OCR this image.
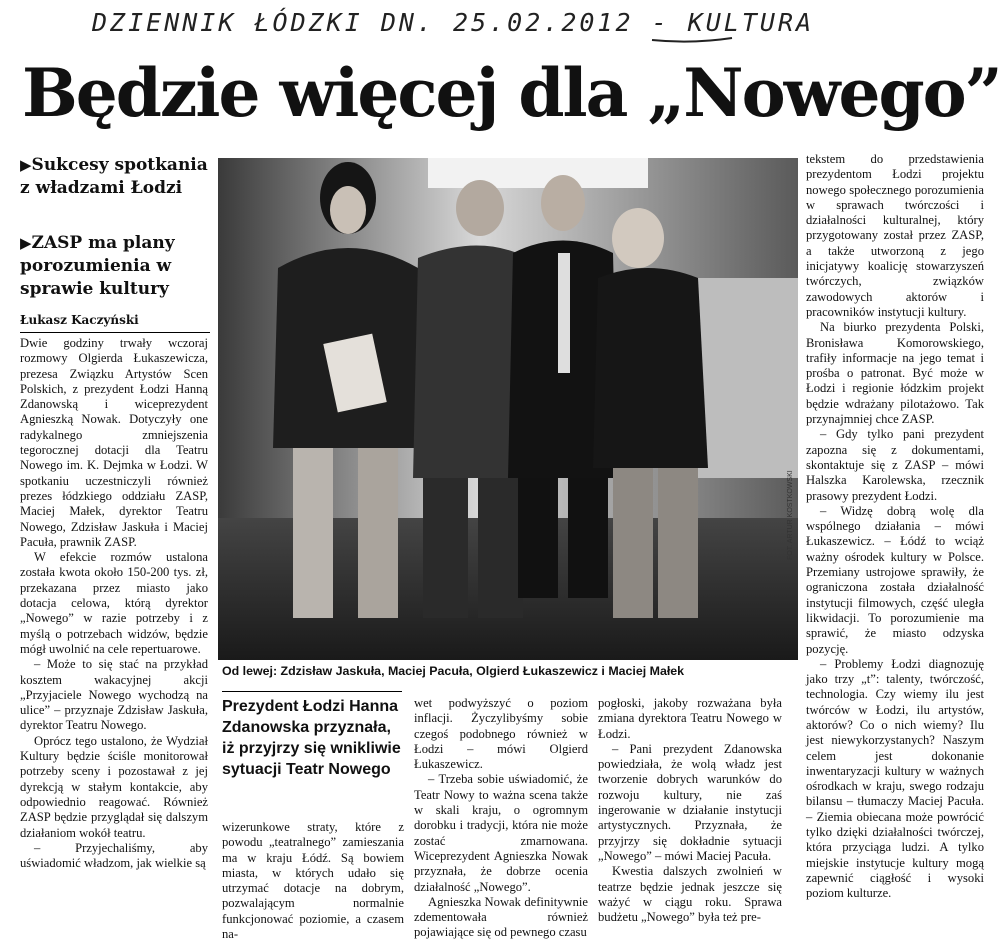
DZIENNIK ŁÓDZKI DN. 25.02.2012 - KULTURA
Będzie więcej dla „Nowego”
▶Sukcesy spotkania z władzami Łodzi
▶ZASP ma plany porozumienia w sprawie kultury
Łukasz Kaczyński

Dwie godziny trwały wczoraj rozmowy Olgierda Łukaszewicza, prezesa Związku Artystów Scen Polskich, z prezydent Łodzi Hanną Zdanowską i wiceprezydent Agnieszką Nowak. Dotyczyły one radykalnego zmniejszenia tegorocznej dotacji dla Teatru Nowego im. K. Dejmka w Łodzi. W spotkaniu uczestniczyli również prezes łódzkiego oddziału ZASP, Maciej Małek, dyrektor Teatru Nowego, Zdzisław Jaskuła i Maciej Pacuła, prawnik ZASP.

W efekcie rozmów ustalona została kwota około 150-200 tys. zł, przekazana przez miasto jako dotacja celowa, którą dyrektor „Nowego” w razie potrzeby i z myślą o potrzebach widzów, będzie mógł uwolnić na cele repertuarowe.

– Może to się stać na przykład kosztem wakacyjnej akcji „Przyjaciele Nowego wychodzą na ulice” – przyznaje Zdzisław Jaskuła, dyrektor Teatru Nowego.

Oprócz tego ustalono, że Wydział Kultury będzie ściśle monitorował potrzeby sceny i pozostawał z jej dyrekcją w stałym kontakcie, aby odpowiednio reagować. Również ZASP będzie przyglądał się dalszym działaniom wokół teatru.

– Przyjechaliśmy, aby uświadomić władzom, jak wielkie są

FOT. ARTUR KOSTKOWSKI
Od lewej: Zdzisław Jaskuła, Maciej Pacuła, Olgierd Łukaszewicz i Maciej Małek
Prezydent Łodzi Hanna Zdanowska przyznała, iż przyjrzy się wnikliwie sytuacji Teatr Nowego

wizerunkowe straty, które z powodu „teatralnego” zamieszania ma w kraju Łódź. Są bowiem miasta, w których udało się utrzymać dotacje na dobrym, pozwalającym normalnie funkcjonować poziomie, a czasem na-

wet podwyższyć o poziom inflacji. Życzylibyśmy sobie czegoś podobnego również w Łodzi – mówi Olgierd Łukaszewicz.

– Trzeba sobie uświadomić, że Teatr Nowy to ważna scena także w skali kraju, o ogromnym dorobku i tradycji, która nie może zostać zmarnowana. Wiceprezydent Agnieszka Nowak przyznała, że dobrze ocenia działalność „Nowego”.

Agnieszka Nowak definitywnie zdementowała również pojawiające się od pewnego czasu

pogłoski, jakoby rozważana była zmiana dyrektora Teatru Nowego w Łodzi.

– Pani prezydent Zdanowska powiedziała, że wolą władz jest tworzenie dobrych warunków do rozwoju kultury, nie zaś ingerowanie w działanie instytucji artystycznych. Przyznała, że przyjrzy się dokładnie sytuacji „Nowego” – mówi Maciej Pacuła.

Kwestia dalszych zwolnień w teatrze będzie jednak jeszcze się ważyć w ciągu roku. Sprawa budżetu „Nowego” była też pre-

tekstem do przedstawienia prezydentom Łodzi projektu nowego społecznego porozumienia w sprawach twórczości i działalności kulturalnej, który przygotowany został przez ZASP, a także utworzoną z jego inicjatywy koalicję stowarzyszeń twórczych, związków zawodowych aktorów i pracowników instytucji kultury.

Na biurko prezydenta Polski, Bronisława Komorowskiego, trafiły informacje na jego temat i prośba o patronat. Być może w Łodzi i regionie łódzkim projekt będzie wdrażany pilotażowo. Tak przynajmniej chce ZASP.

– Gdy tylko pani prezydent zapozna się z dokumentami, skontaktuje się z ZASP – mówi Halszka Karolewska, rzecznik prasowy prezydent Łodzi.

– Widzę dobrą wolę dla wspólnego działania – mówi Łukaszewicz. – Łódź to wciąż ważny ośrodek kultury w Polsce. Przemiany ustrojowe sprawiły, że ograniczona została działalność instytucji filmowych, część uległa likwidacji. To porozumienie ma sprawić, że miasto odzyska pozycję.

– Problemy Łodzi diagnozuję jako trzy „t”: talenty, twórczość, technologia. Czy wiemy ilu jest twórców w Łodzi, ilu artystów, aktorów? Co o nich wiemy? Ilu jest niewykorzystanych? Naszym celem jest dokonanie inwentaryzacji kultury w ważnych ośrodkach w kraju, swego rodzaju bilansu – tłumaczy Maciej Pacuła. – Ziemia obiecana może powrócić tylko dzięki działalności twórczej, która przyciąga ludzi. A tylko miejskie instytucje kultury mogą zapewnić ciągłość i wysoki poziom kulturze.
